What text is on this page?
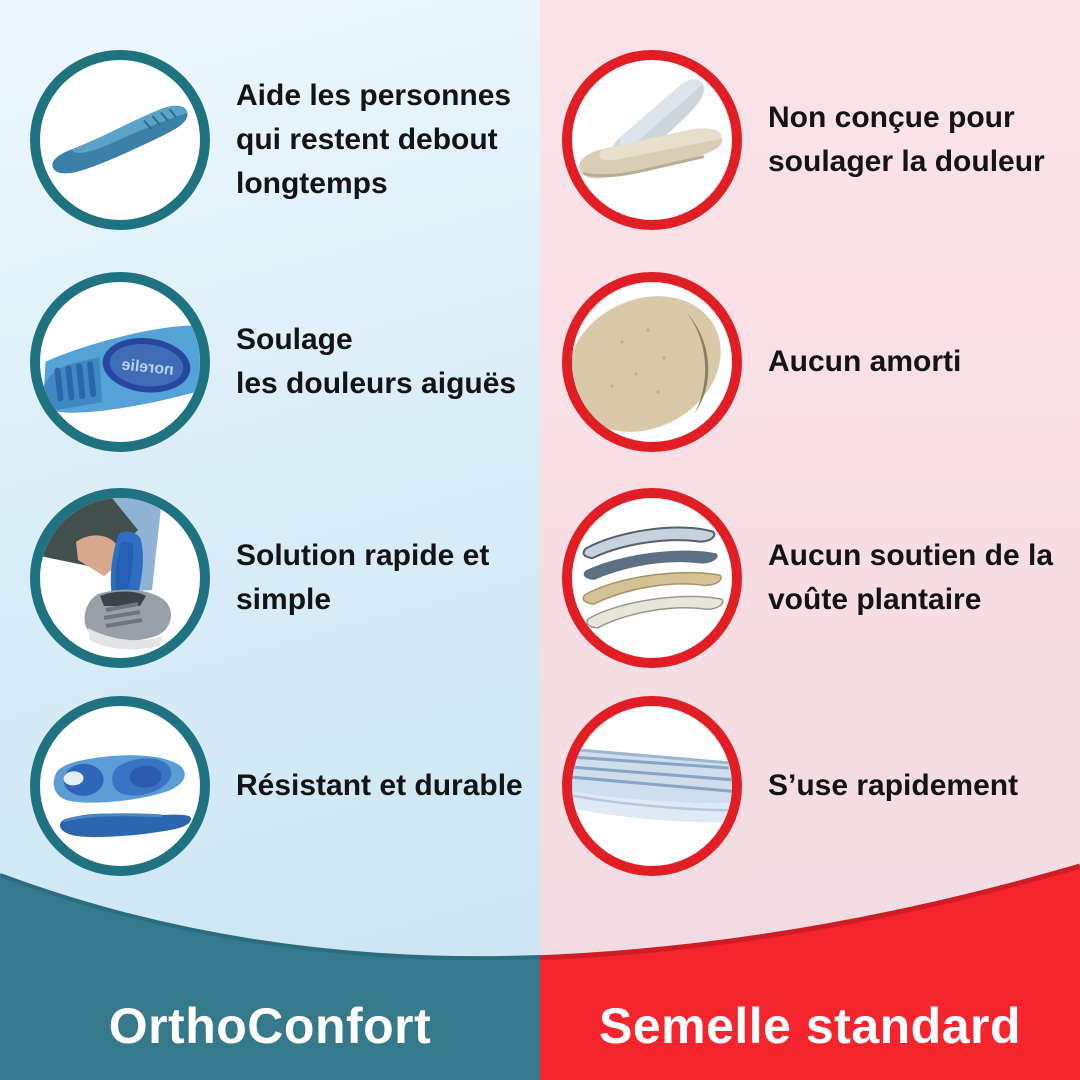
Aide les personnes
qui restent debout
longtemps
norelie
Soulage
les douleurs aiguës
Solution rapide et
simple
Résistant et durable
Non conçue pour
soulager la douleur
Aucun amorti
Aucun soutien de la
voûte plantaire
S’use rapidement
OrthoConfort	Semelle standard
